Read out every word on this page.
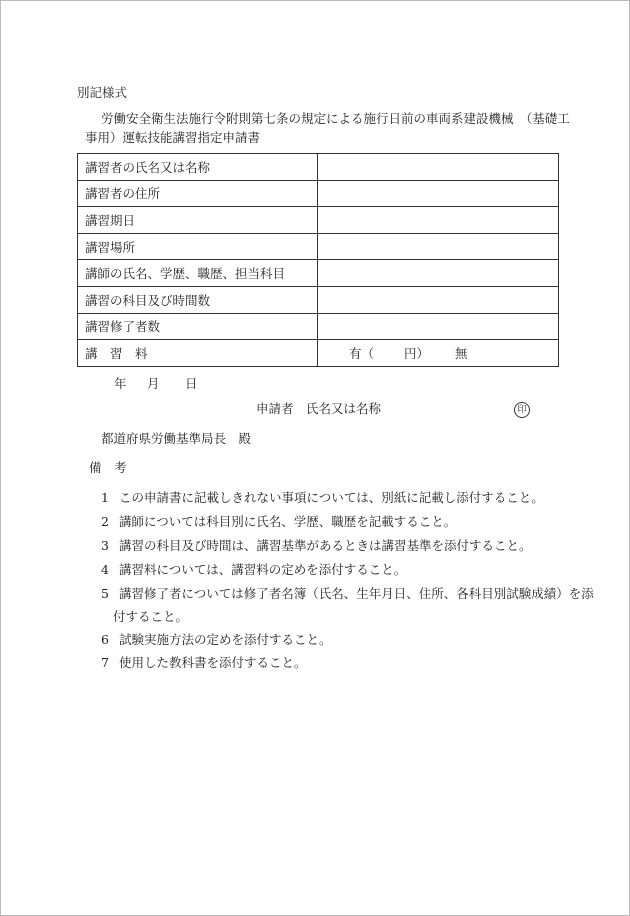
別記様式
労働安全衛生法施行令附則第七条の規定による施行日前の車両系建設機械　（基礎工
事用）運転技能講習指定申請書
講習者の氏名又は名称	
講習者の住所	
講習期日	
講習場所	
講師の氏名、学歴、職歴、担当科目	
講習の科目及び時間数	
講習修了者数	
講　習　料	有（ 円） 無
年 月 日
申請者　氏名又は名称	印
都道府県労働基準局長　殿
備　考
1 この申請書に記載しきれない事項については、別紙に記載し添付すること。
2 講師については科目別に氏名、学歴、職歴を記載すること。
3 講習の科目及び時間は、講習基準があるときは講習基準を添付すること。
4 講習料については、講習料の定めを添付すること。
5 講習修了者については修了者名簿（氏名、生年月日、住所、各科目別試験成績）を添
付すること。
6 試験実施方法の定めを添付すること。
7 使用した教科書を添付すること。
